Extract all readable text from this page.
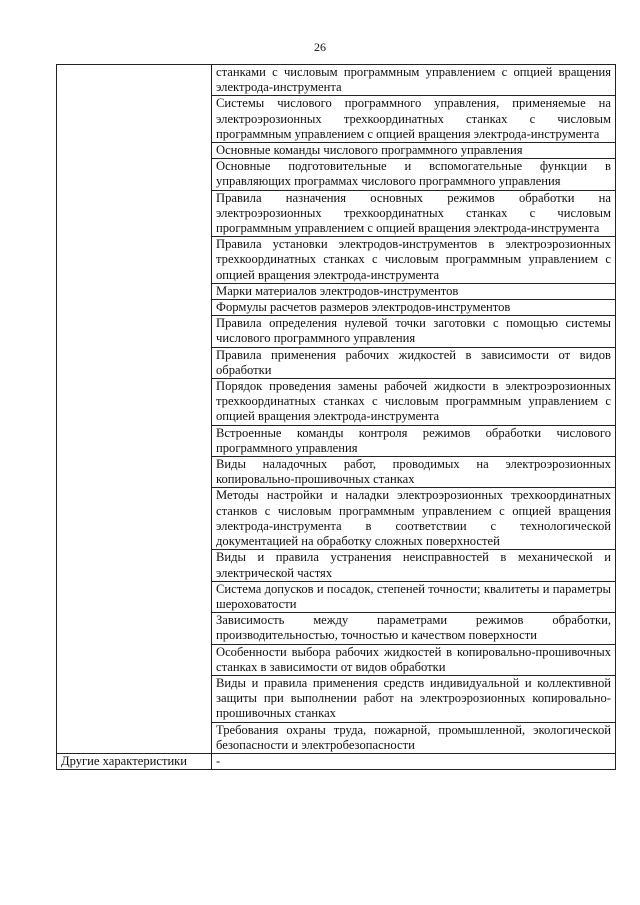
26
	станками с числовым программным управлением с опцией вращения электрода-инструмента
	Системы числового программного управления, применяемые на электроэрозионных трехкоординатных станках с числовым программным управлением с опцией вращения электрода-инструмента
	Основные команды числового программного управления
	Основные подготовительные и вспомогательные функции в управляющих программах числового программного управления
	Правила назначения основных режимов обработки на электроэрозионных трехкоординатных станках с числовым программным управлением с опцией вращения электрода-инструмента
	Правила установки электродов-инструментов в электроэрозионных трехкоординатных станках с числовым программным управлением с опцией вращения электрода-инструмента
	Марки материалов электродов-инструментов
	Формулы расчетов размеров электродов-инструментов
	Правила определения нулевой точки заготовки с помощью системы числового программного управления
	Правила применения рабочих жидкостей в зависимости от видов обработки
	Порядок проведения замены рабочей жидкости в электроэрозионных трехкоординатных станках с числовым программным управлением с опцией вращения электрода-инструмента
	Встроенные команды контроля режимов обработки числового программного управления
	Виды наладочных работ, проводимых на электроэрозионных копировально-прошивочных станках
	Методы настройки и наладки электроэрозионных трехкоординатных станков с числовым программным управлением с опцией вращения электрода-инструмента в соответствии с технологической документацией на обработку сложных поверхностей
	Виды и правила устранения неисправностей в механической и электрической частях
	Система допусков и посадок, степеней точности; квалитеты и параметры шероховатости
	Зависимость между параметрами режимов обработки, производительностью, точностью и качеством поверхности
	Особенности выбора рабочих жидкостей в копировально-прошивочных станках в зависимости от видов обработки
	Виды и правила применения средств индивидуальной и коллективной защиты при выполнении работ на электроэрозионных копировально-прошивочных станках
	Требования охраны труда, пожарной, промышленной, экологической безопасности и электробезопасности
Другие характеристики	-
